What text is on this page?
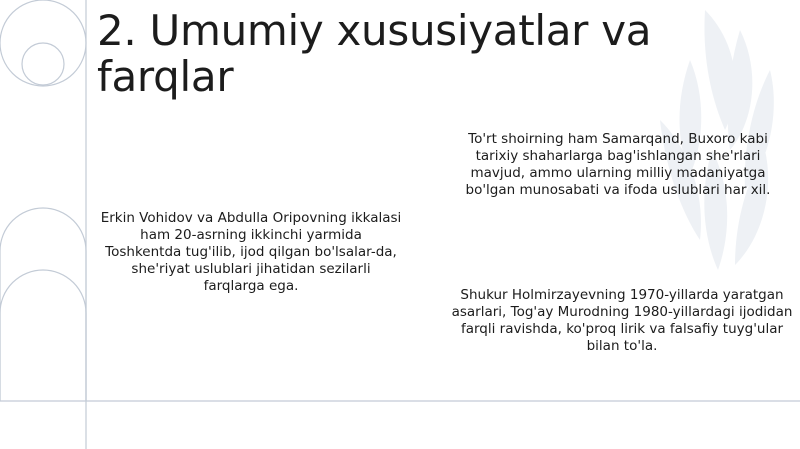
2. Umumiy xususiyatlar va farqlar

Erkin Vohidov va Abdulla Oripovning ikkalasi ham 20-asrning ikkinchi yarmida Toshkentda tug'ilib, ijod qilgan bo'lsalar-da, she'riyat uslublari jihatidan sezilarli farqlarga ega.

To'rt shoirning ham Samarqand, Buxoro kabi tarixiy shaharlarga bag'ishlangan she'rlari mavjud, ammo ularning milliy madaniyatga bo'lgan munosabati va ifoda uslublari har xil.

Shukur Holmirzayevning 1970-yillarda yaratgan asarlari, Tog'ay Murodning 1980-yillardagi ijodidan farqli ravishda, ko'proq lirik va falsafiy tuyg'ular bilan to'la.
